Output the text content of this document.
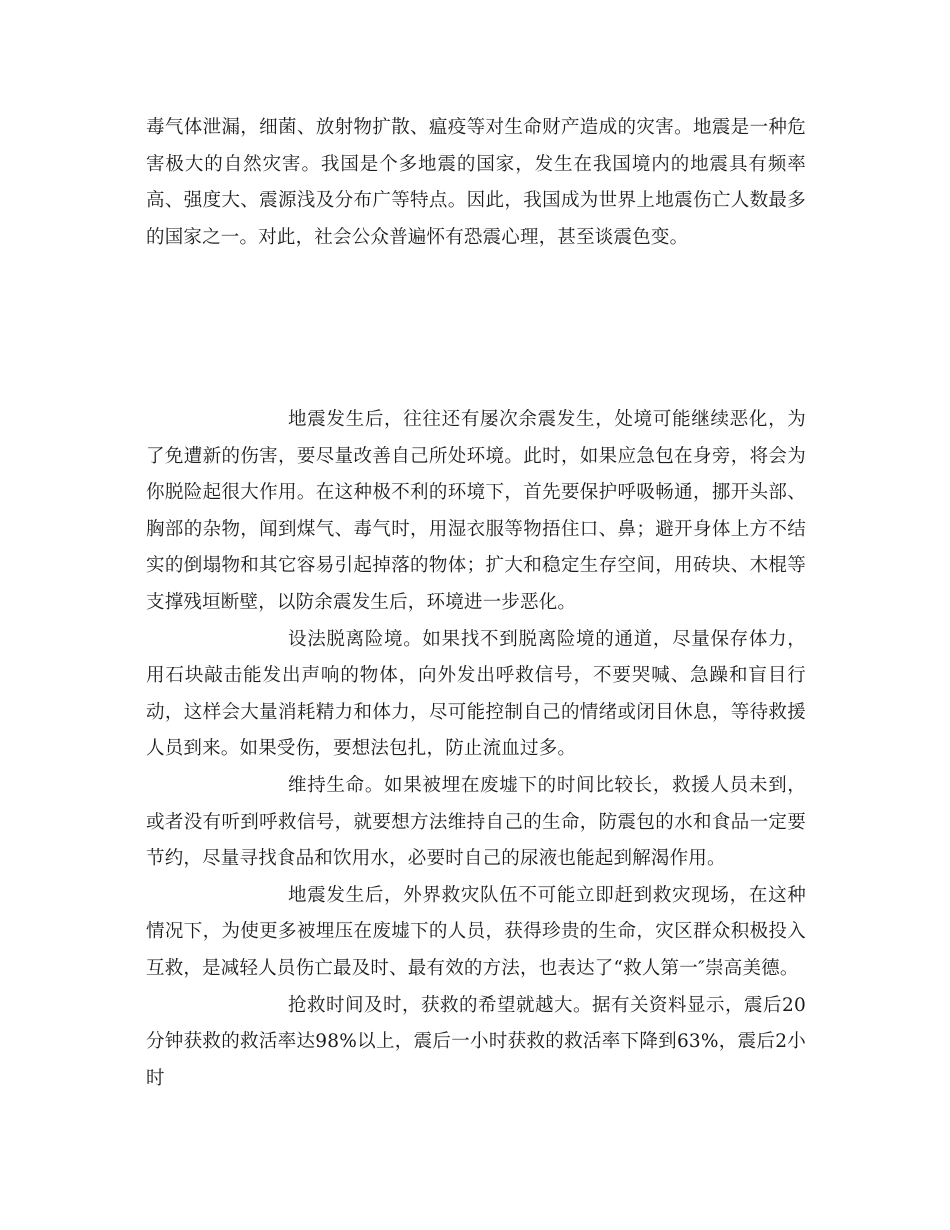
毒气体泄漏，细菌、放射物扩散、瘟疫等对生命财产造成的灾害。地震是一种危害极大的自然灾害。我国是个多地震的国家，发生在我国境内的地震具有频率高、强度大、震源浅及分布广等特点。因此，我国成为世界上地震伤亡人数最多的国家之一。对此，社会公众普遍怀有恐震心理，甚至谈震色变。

地震发生后，往往还有屡次余震发生，处境可能继续恶化，为了免遭新的伤害，要尽量改善自己所处环境。此时，如果应急包在身旁，将会为你脱险起很大作用。在这种极不利的环境下，首先要保护呼吸畅通，挪开头部、胸部的杂物，闻到煤气、毒气时，用湿衣服等物捂住口、鼻；避开身体上方不结实的倒塌物和其它容易引起掉落的物体；扩大和稳定生存空间，用砖块、木棍等支撑残垣断壁，以防余震发生后，环境进一步恶化。

设法脱离险境。如果找不到脱离险境的通道，尽量保存体力，用石块敲击能发出声响的物体，向外发出呼救信号，不要哭喊、急躁和盲目行动，这样会大量消耗精力和体力，尽可能控制自己的情绪或闭目休息，等待救援人员到来。如果受伤，要想法包扎，防止流血过多。

维持生命。如果被埋在废墟下的时间比较长，救援人员未到，或者没有听到呼救信号，就要想方法维持自己的生命，防震包的水和食品一定要节约，尽量寻找食品和饮用水，必要时自己的尿液也能起到解渴作用。

地震发生后，外界救灾队伍不可能立即赶到救灾现场，在这种情况下，为使更多被埋压在废墟下的人员，获得珍贵的生命，灾区群众积极投入互救，是减轻人员伤亡最及时、最有效的方法，也表达了“救人第一″崇高美德。

抢救时间及时，获救的希望就越大。据有关资料显示，震后20分钟获救的救活率达98%以上，震后一小时获救的救活率下降到63%，震后2小时
